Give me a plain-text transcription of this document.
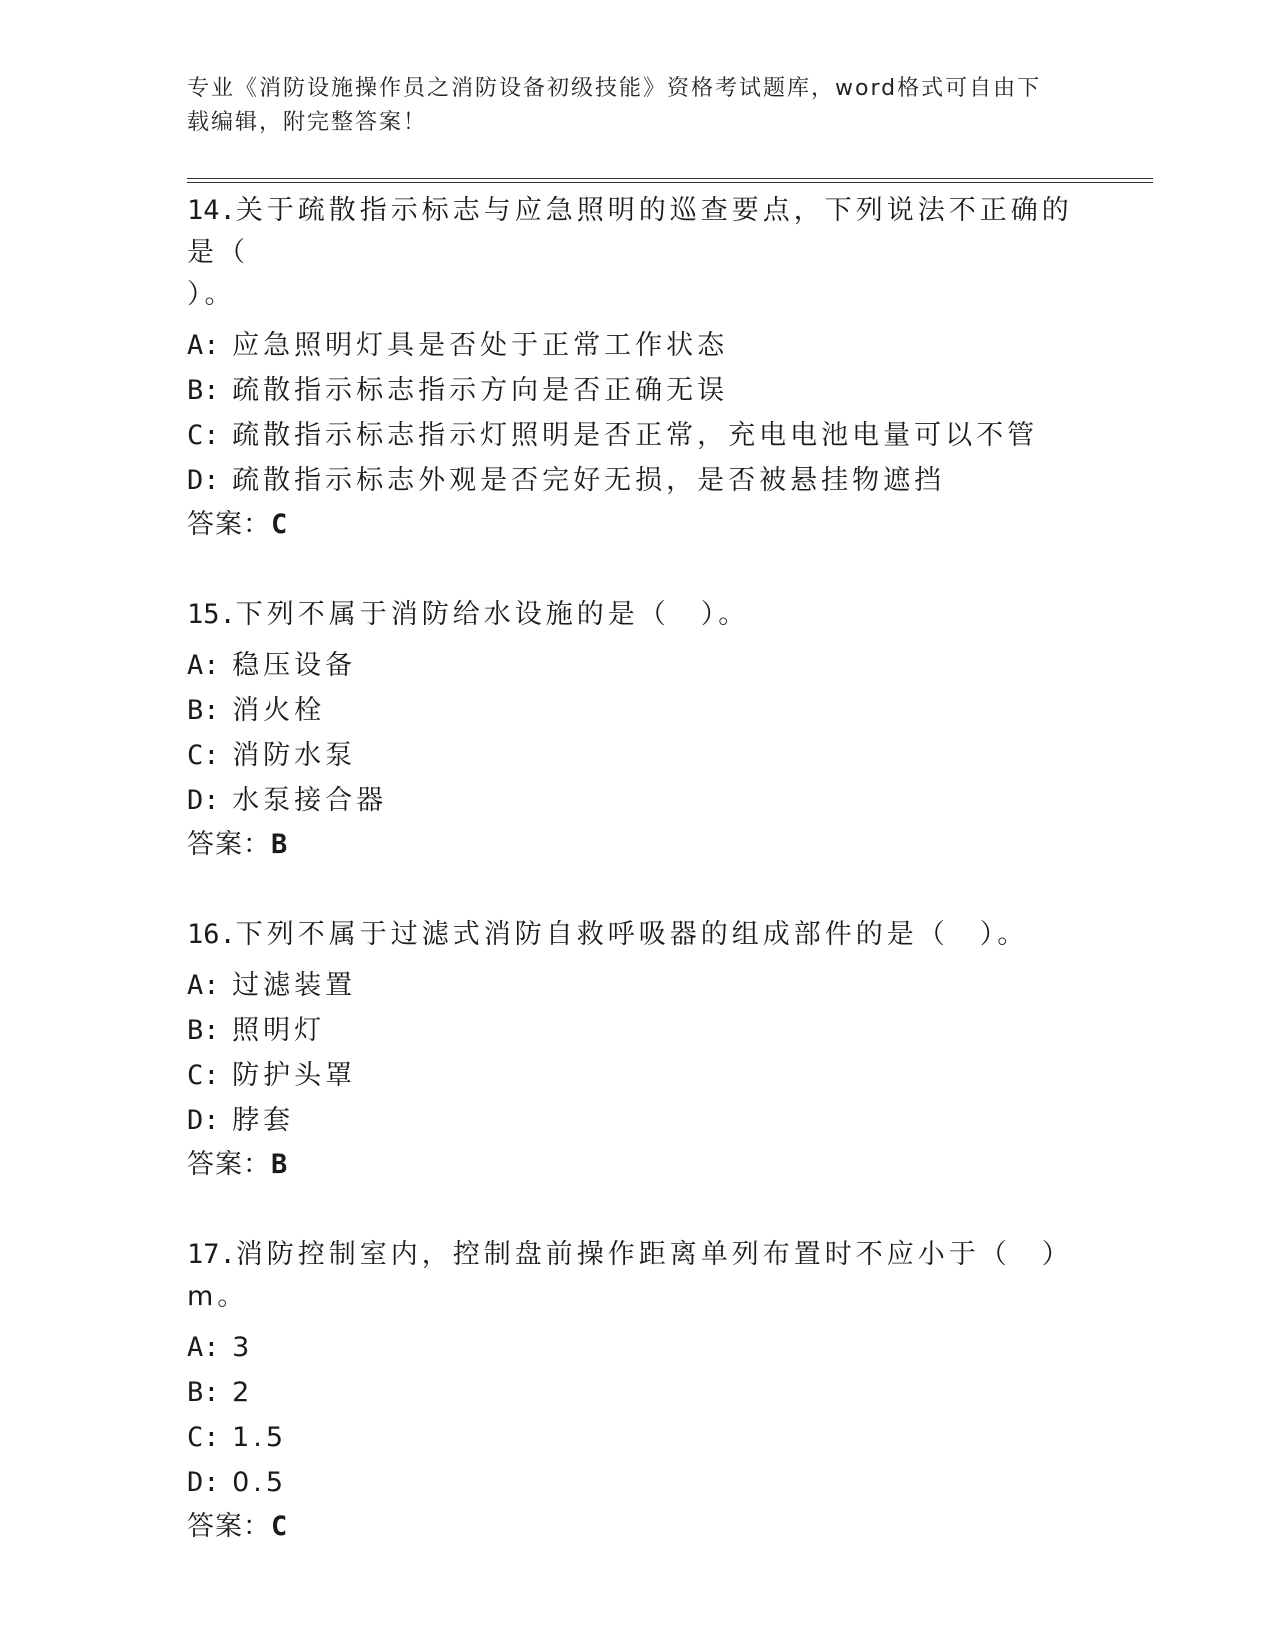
专业《消防设施操作员之消防设备初级技能》资格考试题库，word格式可自由下
载编辑，附完整答案！

14.关于疏散指示标志与应急照明的巡查要点，下列说法不正确的是（
）。

A: 应急照明灯具是否处于正常工作状态
B: 疏散指示标志指示方向是否正确无误
C: 疏散指示标志指示灯照明是否正常，充电电池电量可以不管
D: 疏散指示标志外观是否完好无损，是否被悬挂物遮挡
答案：C

15.下列不属于消防给水设施的是（　）。

A: 稳压设备
B: 消火栓
C: 消防水泵
D: 水泵接合器
答案：B

16.下列不属于过滤式消防自救呼吸器的组成部件的是（　）。

A: 过滤装置
B: 照明灯
C: 防护头罩
D: 脖套
答案：B

17.消防控制室内，控制盘前操作距离单列布置时不应小于（　）m。

A: 3
B: 2
C: 1.5
D: 0.5
答案：C
